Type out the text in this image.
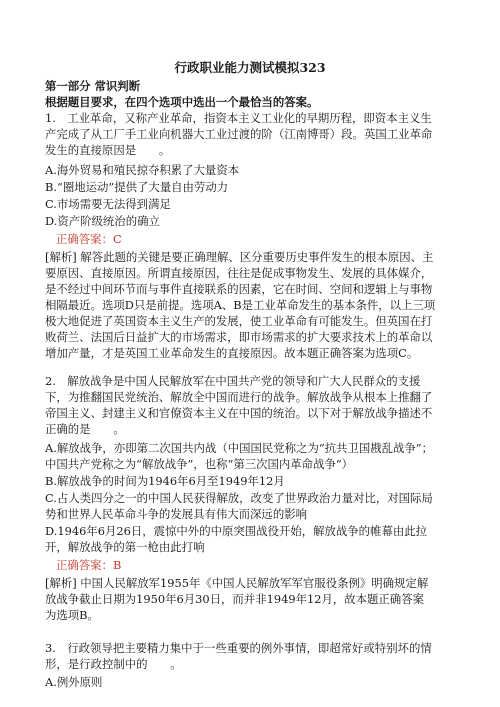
行政职业能力测试模拟323
第一部分 常识判断
根据题目要求，在四个选项中选出一个最恰当的答案。
1.　工业革命，又称产业革命，指资本主义工业化的早期历程，即资本主义生
产完成了从工厂手工业向机器大工业过渡的阶（江南博哥）段。英国工业革命
发生的直接原因是　　。
A.海外贸易和殖民掠夺积累了大量资本
B.“圈地运动”提供了大量自由劳动力
C.市场需要无法得到满足
D.资产阶级统治的确立
正确答案：C
[解析] 解答此题的关键是要正确理解、区分重要历史事件发生的根本原因、主
要原因、直接原因。所谓直接原因，往往是促成事物发生、发展的具体媒介，
是不经过中间环节而与事件直接联系的因素，它在时间、空间和逻辑上与事物
相隔最近。选项D只是前提。选项A、B是工业革命发生的基本条件，以上三项
极大地促进了英国资本主义生产的发展，使工业革命有可能发生。但英国在打
败荷兰、法国后日益扩大的市场需求，即市场需求的扩大要求技术上的革命以
增加产量，才是英国工业革命发生的直接原因。故本题正确答案为选项C。
2.　解放战争是中国人民解放军在中国共产党的领导和广大人民群众的支援
下，为推翻国民党统治、解放全中国而进行的战争。解放战争从根本上推翻了
帝国主义、封建主义和官僚资本主义在中国的统治。以下对于解放战争描述不
正确的是　　。
A.解放战争，亦即第二次国共内战（中国国民党称之为“抗共卫国戡乱战争”；
中国共产党称之为“解放战争”，也称“第三次国内革命战争”）
B.解放战争的时间为1946年6月至1949年12月
C.占人类四分之一的中国人民获得解放，改变了世界政治力量对比，对国际局
势和世界人民革命斗争的发展具有伟大而深远的影响
D.1946年6月26日，震惊中外的中原突围战役开始，解放战争的帷幕由此拉
开，解放战争的第一枪由此打响
正确答案：B
[解析] 中国人民解放军1955年《中国人民解放军军官服役条例》明确规定解
放战争截止日期为1950年6月30日，而并非1949年12月，故本题正确答案
为选项B。
3.　行政领导把主要精力集中于一些重要的例外事情，即超常好或特别坏的情
形，是行政控制中的　　。
A.例外原则
